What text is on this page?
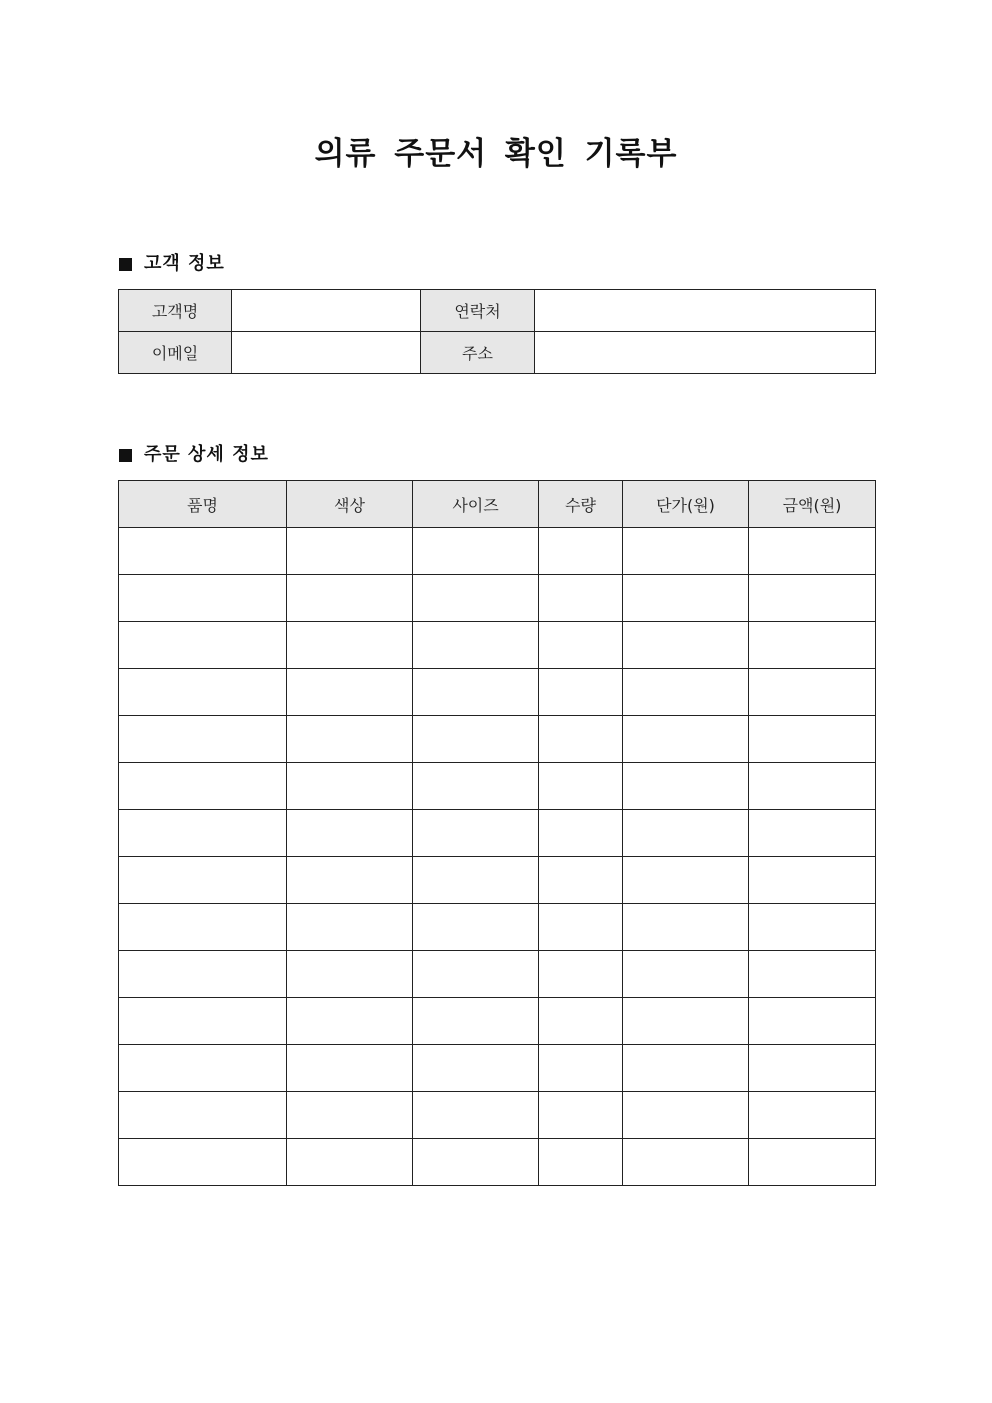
의류 주문서 확인 기록부
고객 정보
고객명		연락처	
이메일		주소	
주문 상세 정보
품명	색상	사이즈	수량	단가(원)	금액(원)
